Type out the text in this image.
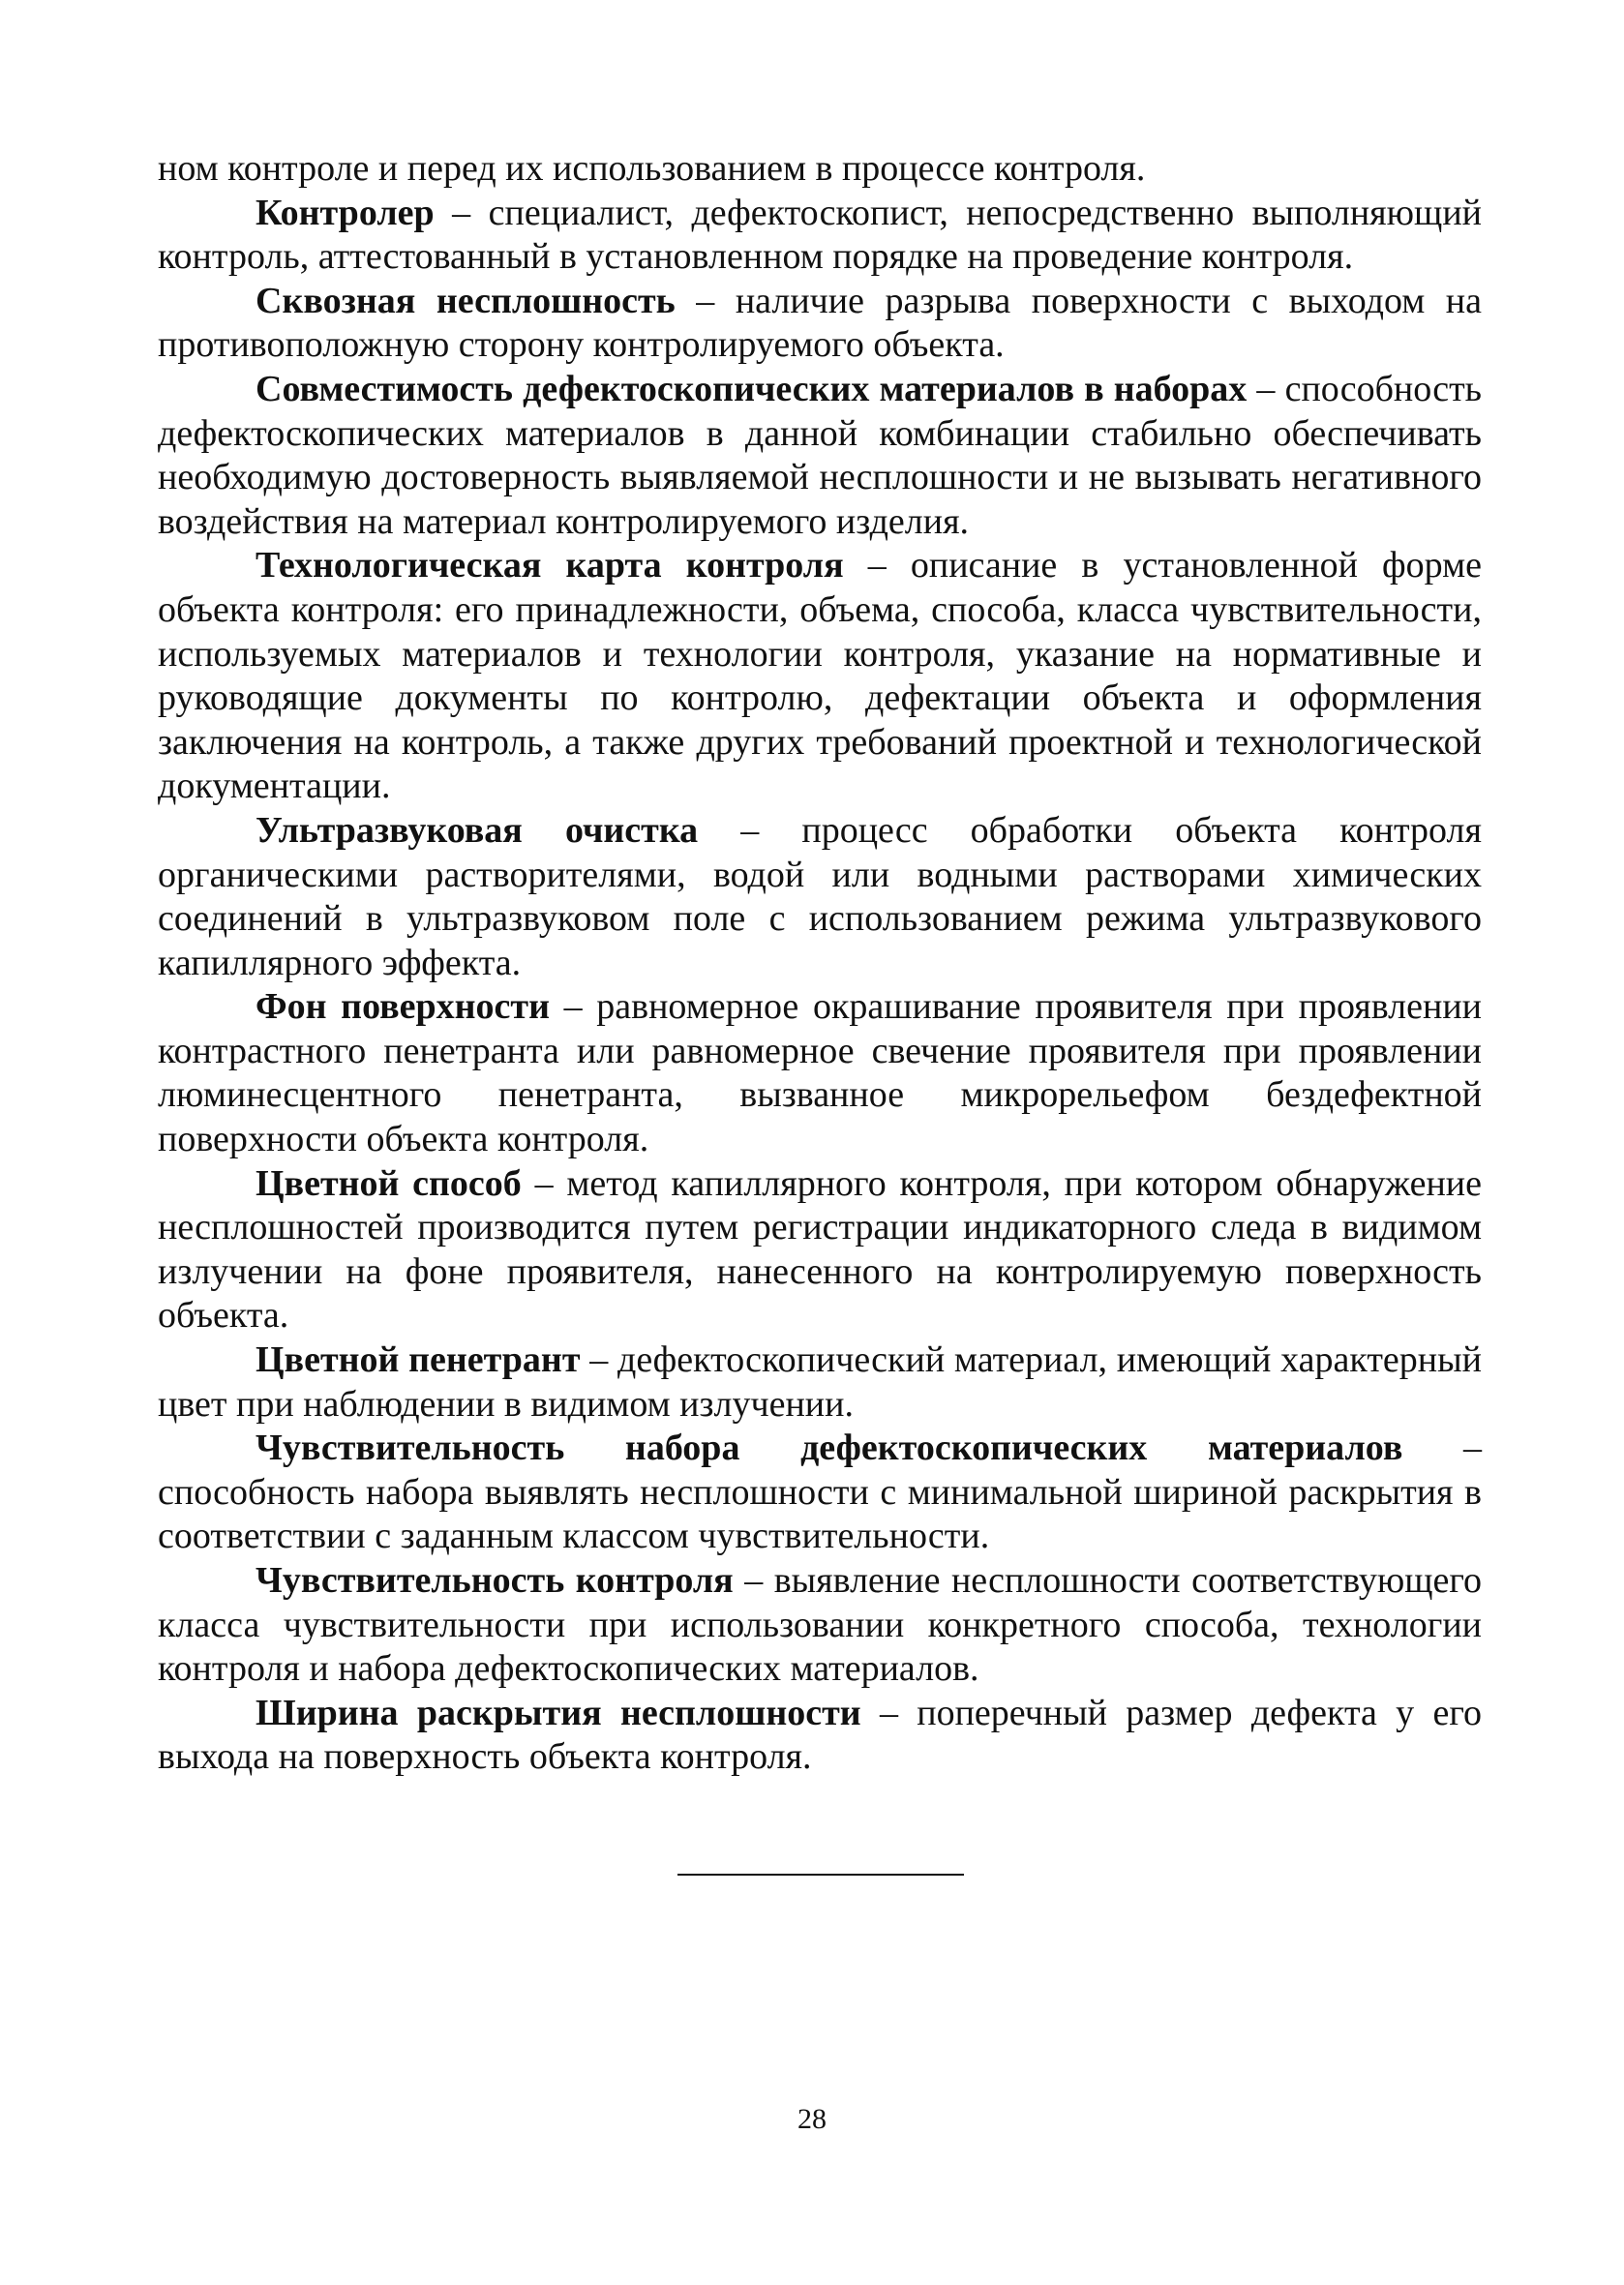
ном контроле и перед их использованием в процессе контроля.

Контролер – специалист, дефектоскопист, непосредственно выполняющий контроль, аттестованный в установленном порядке на проведение контроля.

Сквозная несплошность – наличие разрыва поверхности с выходом на противоположную сторону контролируемого объекта.

Совместимость дефектоскопических материалов в наборах – способность дефектоскопических материалов в данной комбинации стабильно обеспечивать необходимую достоверность выявляемой несплошности и не вызывать негативного воздействия на материал контролируемого изделия.

Технологическая карта контроля – описание в установленной форме объекта контроля: его принадлежности, объема, способа, класса чувствительности, используемых материалов и технологии контроля, указание на нормативные и руководящие документы по контролю, дефектации объекта и оформления заключения на контроль, а также других требований проектной и технологической документации.

Ультразвуковая очистка – процесс обработки объекта контроля органическими растворителями, водой или водными растворами химических соединений в ультразвуковом поле с использованием режима ультразвукового капиллярного эффекта.

Фон поверхности – равномерное окрашивание проявителя при проявлении контрастного пенетранта или равномерное свечение проявителя при проявлении люминесцентного пенетранта, вызванное микрорельефом бездефектной поверхности объекта контроля.

Цветной способ – метод капиллярного контроля, при котором обнаружение несплошностей производится путем регистрации индикаторного следа в видимом излучении на фоне проявителя, нанесенного на контролируемую поверхность объекта.

Цветной пенетрант – дефектоскопический материал, имеющий характерный цвет при наблюдении в видимом излучении.

Чувствительность набора дефектоскопических материалов – способность набора выявлять несплошности с минимальной шириной раскрытия в соответствии с заданным классом чувствительности.

Чувствительность контроля – выявление несплошности соответствующего класса чувствительности при использовании конкретного способа, технологии контроля и набора дефектоскопических материалов.

Ширина раскрытия несплошности – поперечный размер дефекта у его выхода на поверхность объекта контроля.

28
